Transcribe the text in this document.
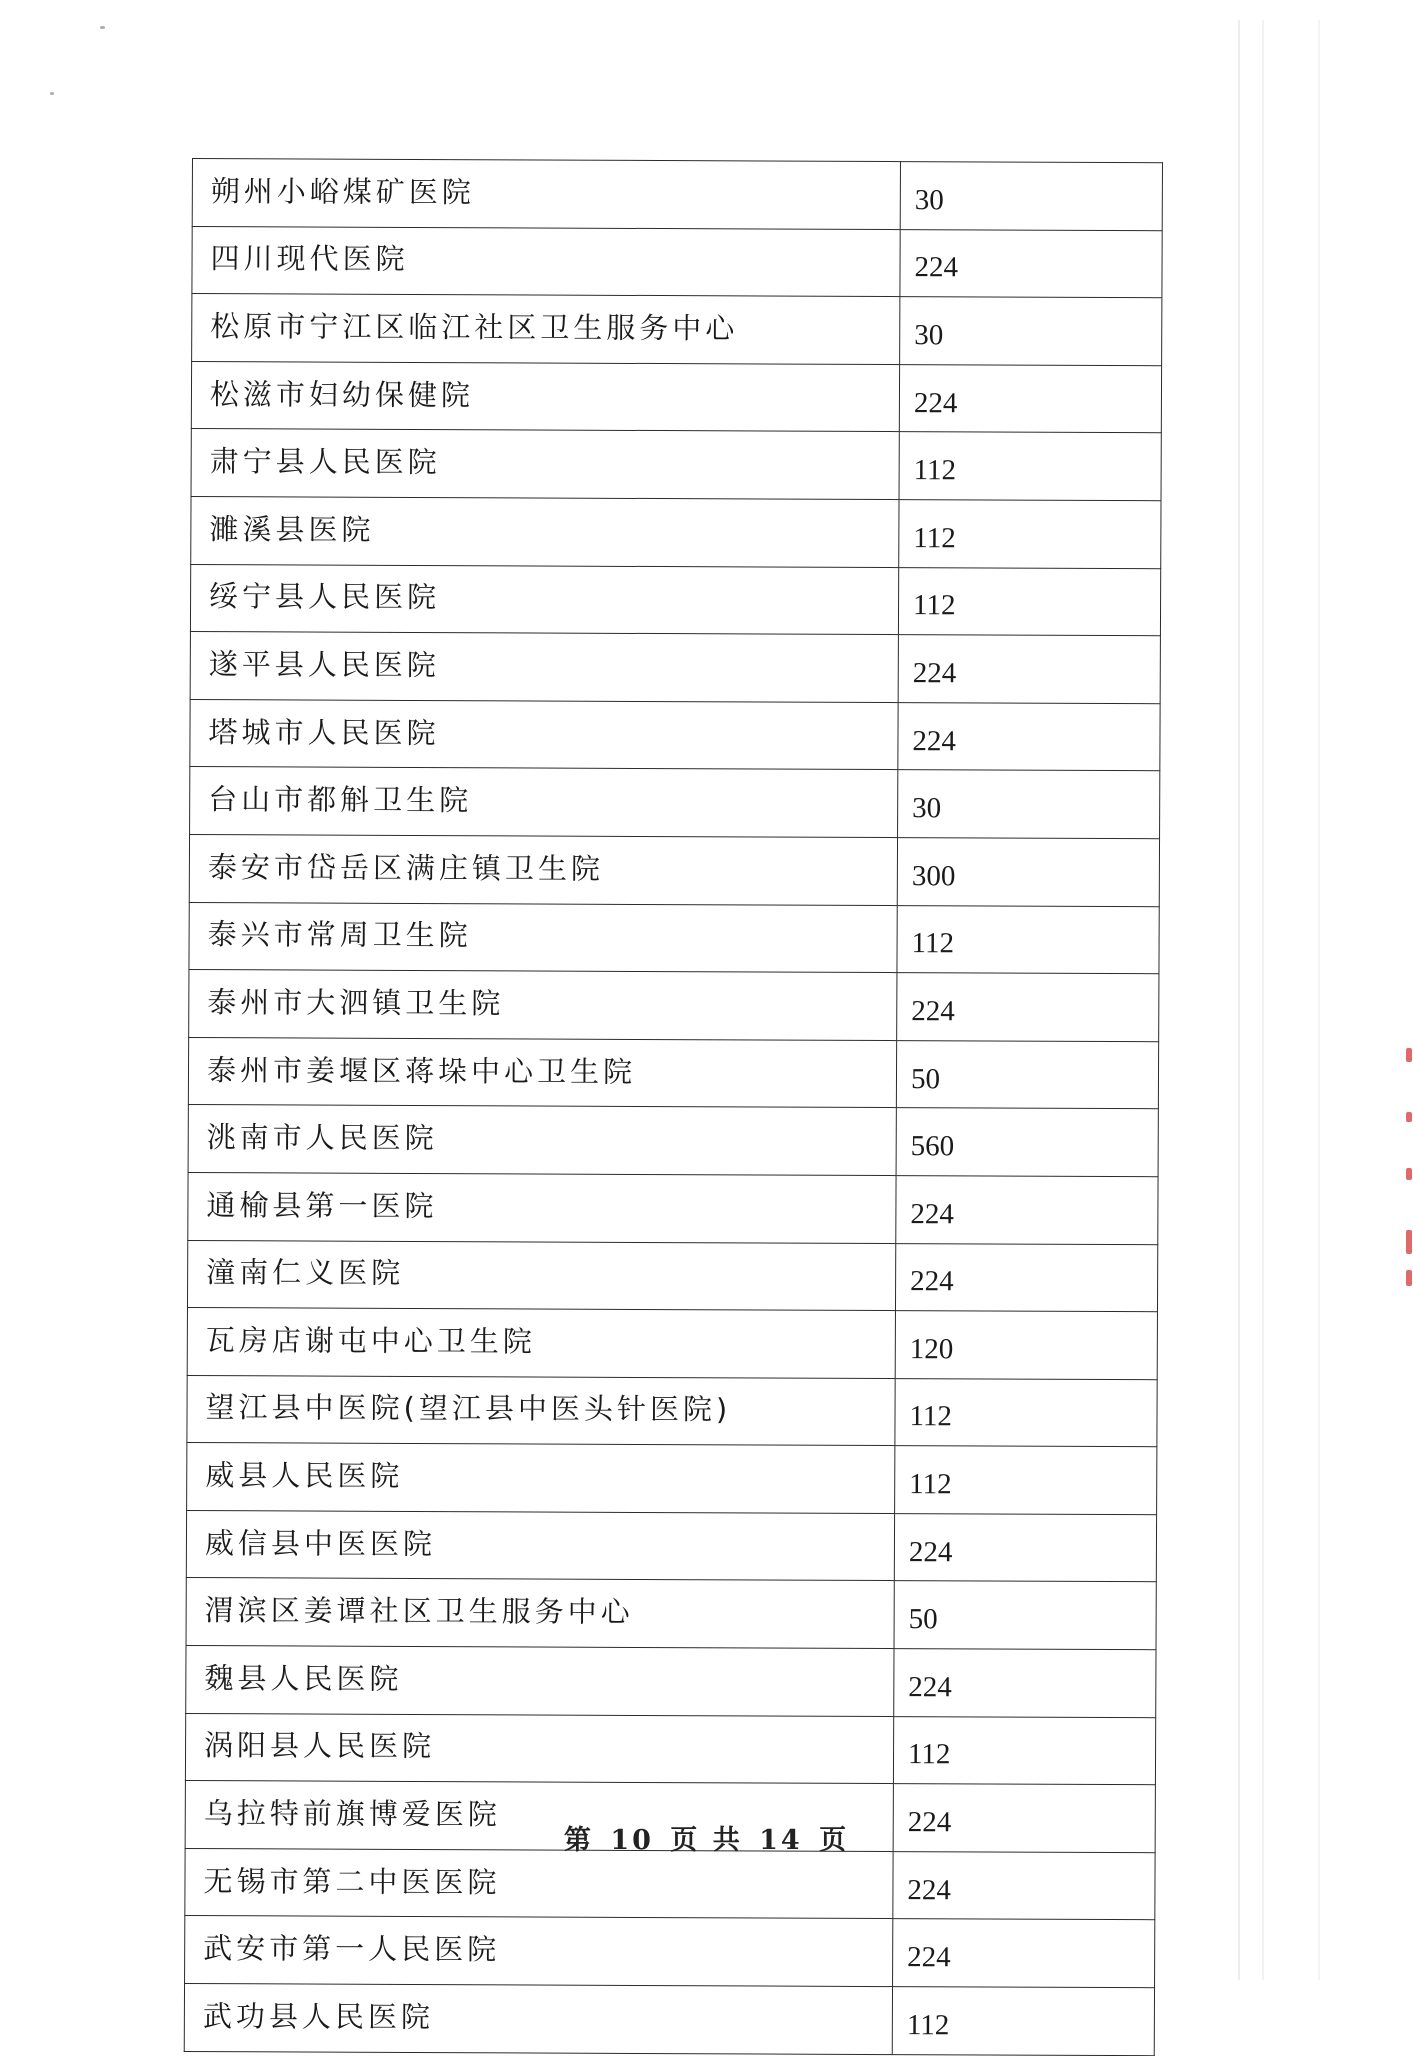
朔州小峪煤矿医院	30
四川现代医院	224
松原市宁江区临江社区卫生服务中心	30
松滋市妇幼保健院	224
肃宁县人民医院	112
濉溪县医院	112
绥宁县人民医院	112
遂平县人民医院	224
塔城市人民医院	224
台山市都斛卫生院	30
泰安市岱岳区满庄镇卫生院	300
泰兴市常周卫生院	112
泰州市大泗镇卫生院	224
泰州市姜堰区蒋垛中心卫生院	50
洮南市人民医院	560
通榆县第一医院	224
潼南仁义医院	224
瓦房店谢屯中心卫生院	120
望江县中医院(望江县中医头针医院)	112
威县人民医院	112
威信县中医医院	224
渭滨区姜谭社区卫生服务中心	50
魏县人民医院	224
涡阳县人民医院	112
乌拉特前旗博爱医院	224
无锡市第二中医医院	224
武安市第一人民医院	224
武功县人民医院	112
第 10 页 共 14 页
